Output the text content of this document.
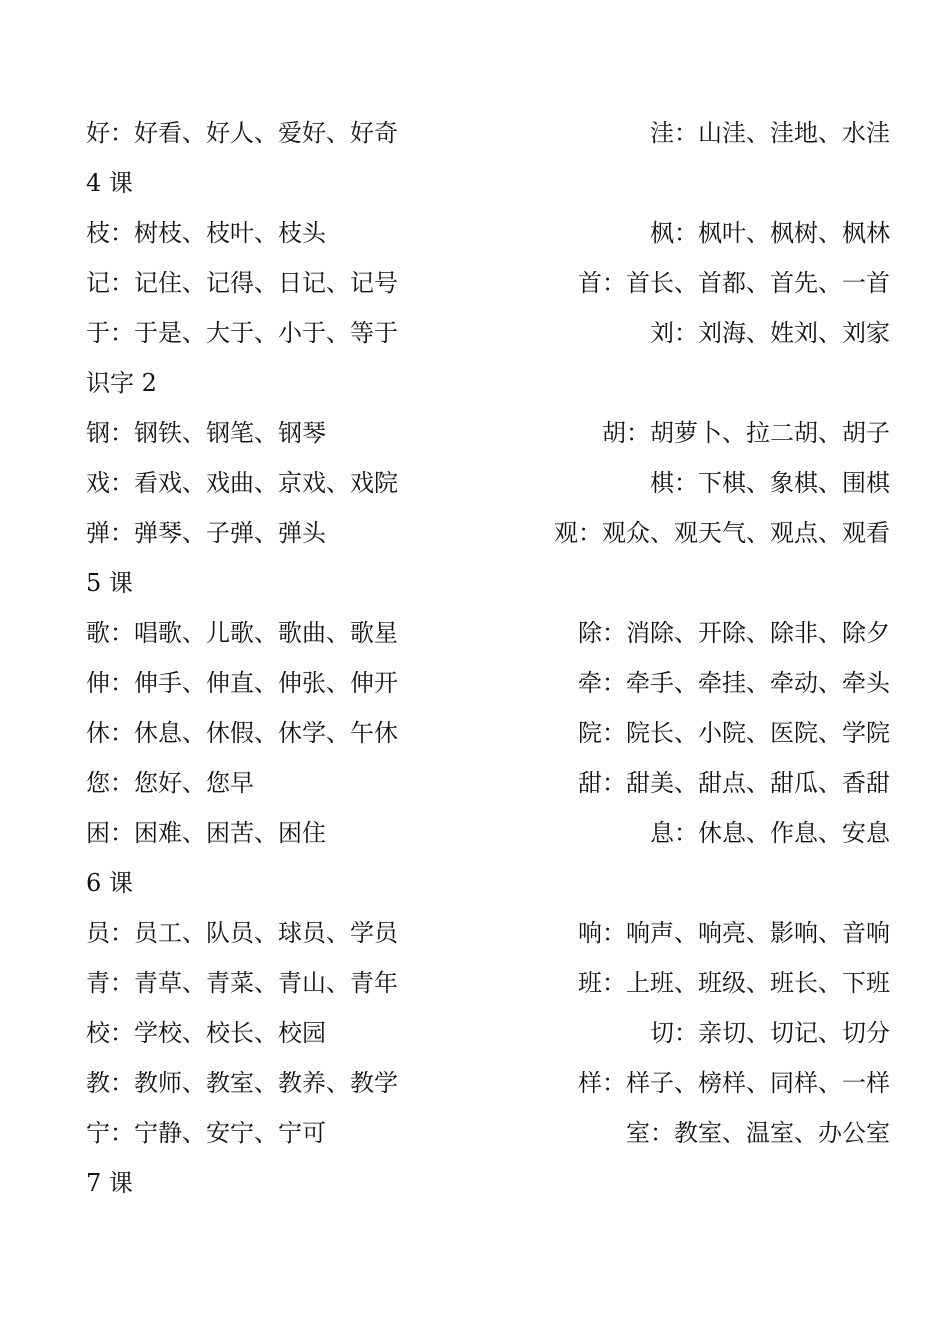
好：好看、好人、爱好、好奇	洼：山洼、洼地、水洼
4 课
枝：树枝、枝叶、枝头	枫：枫叶、枫树、枫林
记：记住、记得、日记、记号	首：首长、首都、首先、一首
于：于是、大于、小于、等于	刘：刘海、姓刘、刘家
识字 2
钢：钢铁、钢笔、钢琴	胡：胡萝卜、拉二胡、胡子
戏：看戏、戏曲、京戏、戏院	棋：下棋、象棋、围棋
弹：弹琴、子弹、弹头	观：观众、观天气、观点、观看
5 课
歌：唱歌、儿歌、歌曲、歌星	除：消除、开除、除非、除夕
伸：伸手、伸直、伸张、伸开	牵：牵手、牵挂、牵动、牵头
休：休息、休假、休学、午休	院：院长、小院、医院、学院
您：您好、您早	甜：甜美、甜点、甜瓜、香甜
困：困难、困苦、困住	息：休息、作息、安息
6 课
员：员工、队员、球员、学员	响：响声、响亮、影响、音响
青：青草、青菜、青山、青年	班：上班、班级、班长、下班
校：学校、校长、校园	切：亲切、切记、切分
教：教师、教室、教养、教学	样：样子、榜样、同样、一样
宁：宁静、安宁、宁可	室：教室、温室、办公室
7 课
